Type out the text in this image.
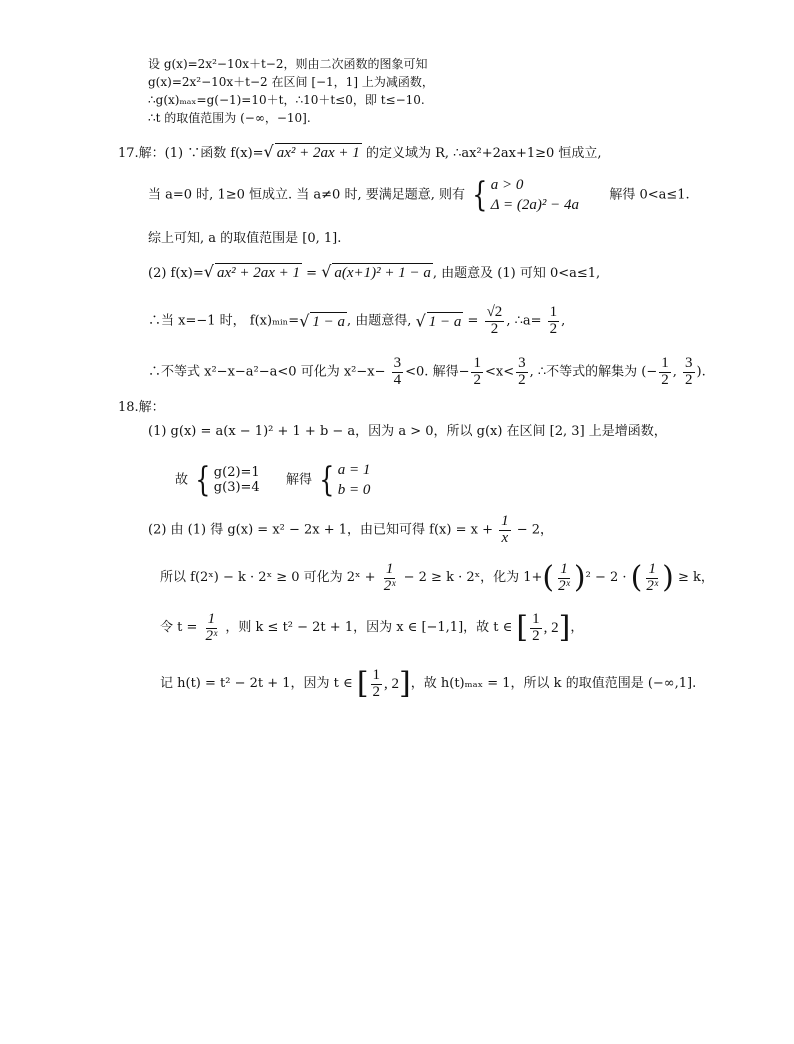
设 g(x)=2x²−10x＋t−2，则由二次函数的图象可知
g(x)=2x²−10x＋t−2 在区间 [−1，1] 上为减函数，
∴g(x)ₘₐₓ=g(−1)=10＋t，∴10＋t≤0，即 t≤−10.
∴t 的取值范围为 (−∞，−10].
17.解：(1) ∵函数 f(x)=√ ax² + 2ax + 1 的定义域为 R, ∴ax²+2ax+1≥0 恒成立,
当 a=0 时, 1≥0 恒成立. 当 a≠0 时, 要满足题意, 则有 { a > 0
Δ = (2a)² − 4a
解得 0<a≤1.
综上可知, a 的取值范围是 [0, 1].
(2) f(x)=√ ax² + 2ax + 1 = √ a(x+1)² + 1 − a , 由题意及 (1) 可知 0<a≤1,
∴当 x=−1 时， f(x)ₘᵢₙ=√ 1 − a , 由题意得, √ $1 - a = \frac{√2}{2}$ , ∴a= $\frac{1}{2}$ ,
∴不等式 x²−x−a²−a<0 可化为 $x^2-x- \frac{3}{4} <0$. 解得− $\frac{1}{2} <x< \frac{3}{2}$ , ∴不等式的解集为 (− $\frac{1}{2}$ , $\frac{3}{2}$ ).
18.解：
(1) g(x) = a(x − 1)² + 1 + b − a，因为 a > 0，所以 g(x) 在区间 [2, 3] 上是增函数，
故 { g(2)=1
g(3)=4
解得 { a = 1
b = 0
(2) 由 (1) 得 g(x) = x² − 2x + 1，由已知可得 $f(x) = x + \frac{1}{x} - 2$，
所以 f(2ˣ) − k · 2ˣ ≥ 0 可化为 2ˣ + $\frac{1}{\text{2ˣ}} - 2 \ge k$ · 2ˣ，化为 $1+( \frac{1}{\text{2ˣ}} )^2 - 2$ · ( $\frac{1}{\text{2ˣ}}$ ) ≥ k，
令 $t = \frac{1}{\text{2ˣ}}$ ，则 k ≤ t² − 2t + 1，因为 x ∈ [−1,1]，故 t ∈ [ $\frac{1}{2}$ , 2]，
记 h(t) = t² − 2t + 1，因为 t ∈ [ $\frac{1}{2}$ , 2]，故 h(t)ₘₐₓ = 1，所以 k 的取值范围是 (−∞,1].
